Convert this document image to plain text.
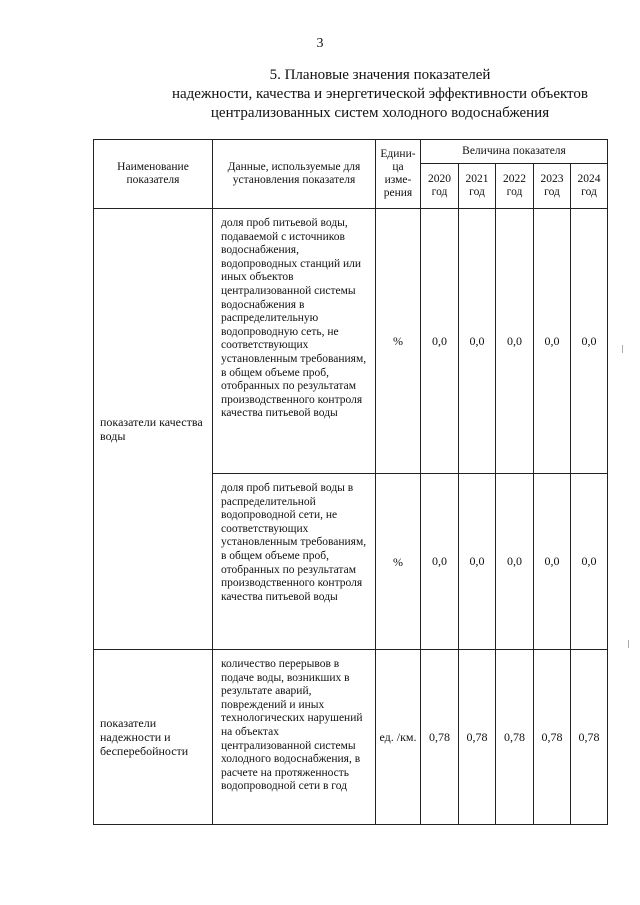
3
5. Плановые значения показателей
надежности, качества и энергетической эффективности объектов
централизованных систем холодного водоснабжения
Наименование показателя	Данные, используемые для установления показателя	Едини-ца изме-рения	Величина показателя				
			2020 год	2021 год	2022 год	2023 год	2024 год
показатели качества воды	доля проб питьевой воды, подаваемой с источников водоснабжения, водопроводных станций или иных объектов централизованной системы водоснабжения в распределительную водопроводную сеть, не соответствующих установленным требованиям, в общем объеме проб, отобранных по результатам производственного контроля качества питьевой воды	%	0,0	0,0	0,0	0,0	0,0
	доля проб питьевой воды в распределительной водопроводной сети, не соответствующих установленным требованиям, в общем объеме проб, отобранных по результатам производственного контроля качества питьевой воды	%	0,0	0,0	0,0	0,0	0,0
показатели надежности и бесперебойности	количество перерывов в подаче воды, возникших в результате аварий, повреждений и иных технологических нарушений на объектах централизованной системы холодного водоснабжения, в расчете на протяженность водопроводной сети в год	ед. /км.	0,78	0,78	0,78	0,78	0,78
